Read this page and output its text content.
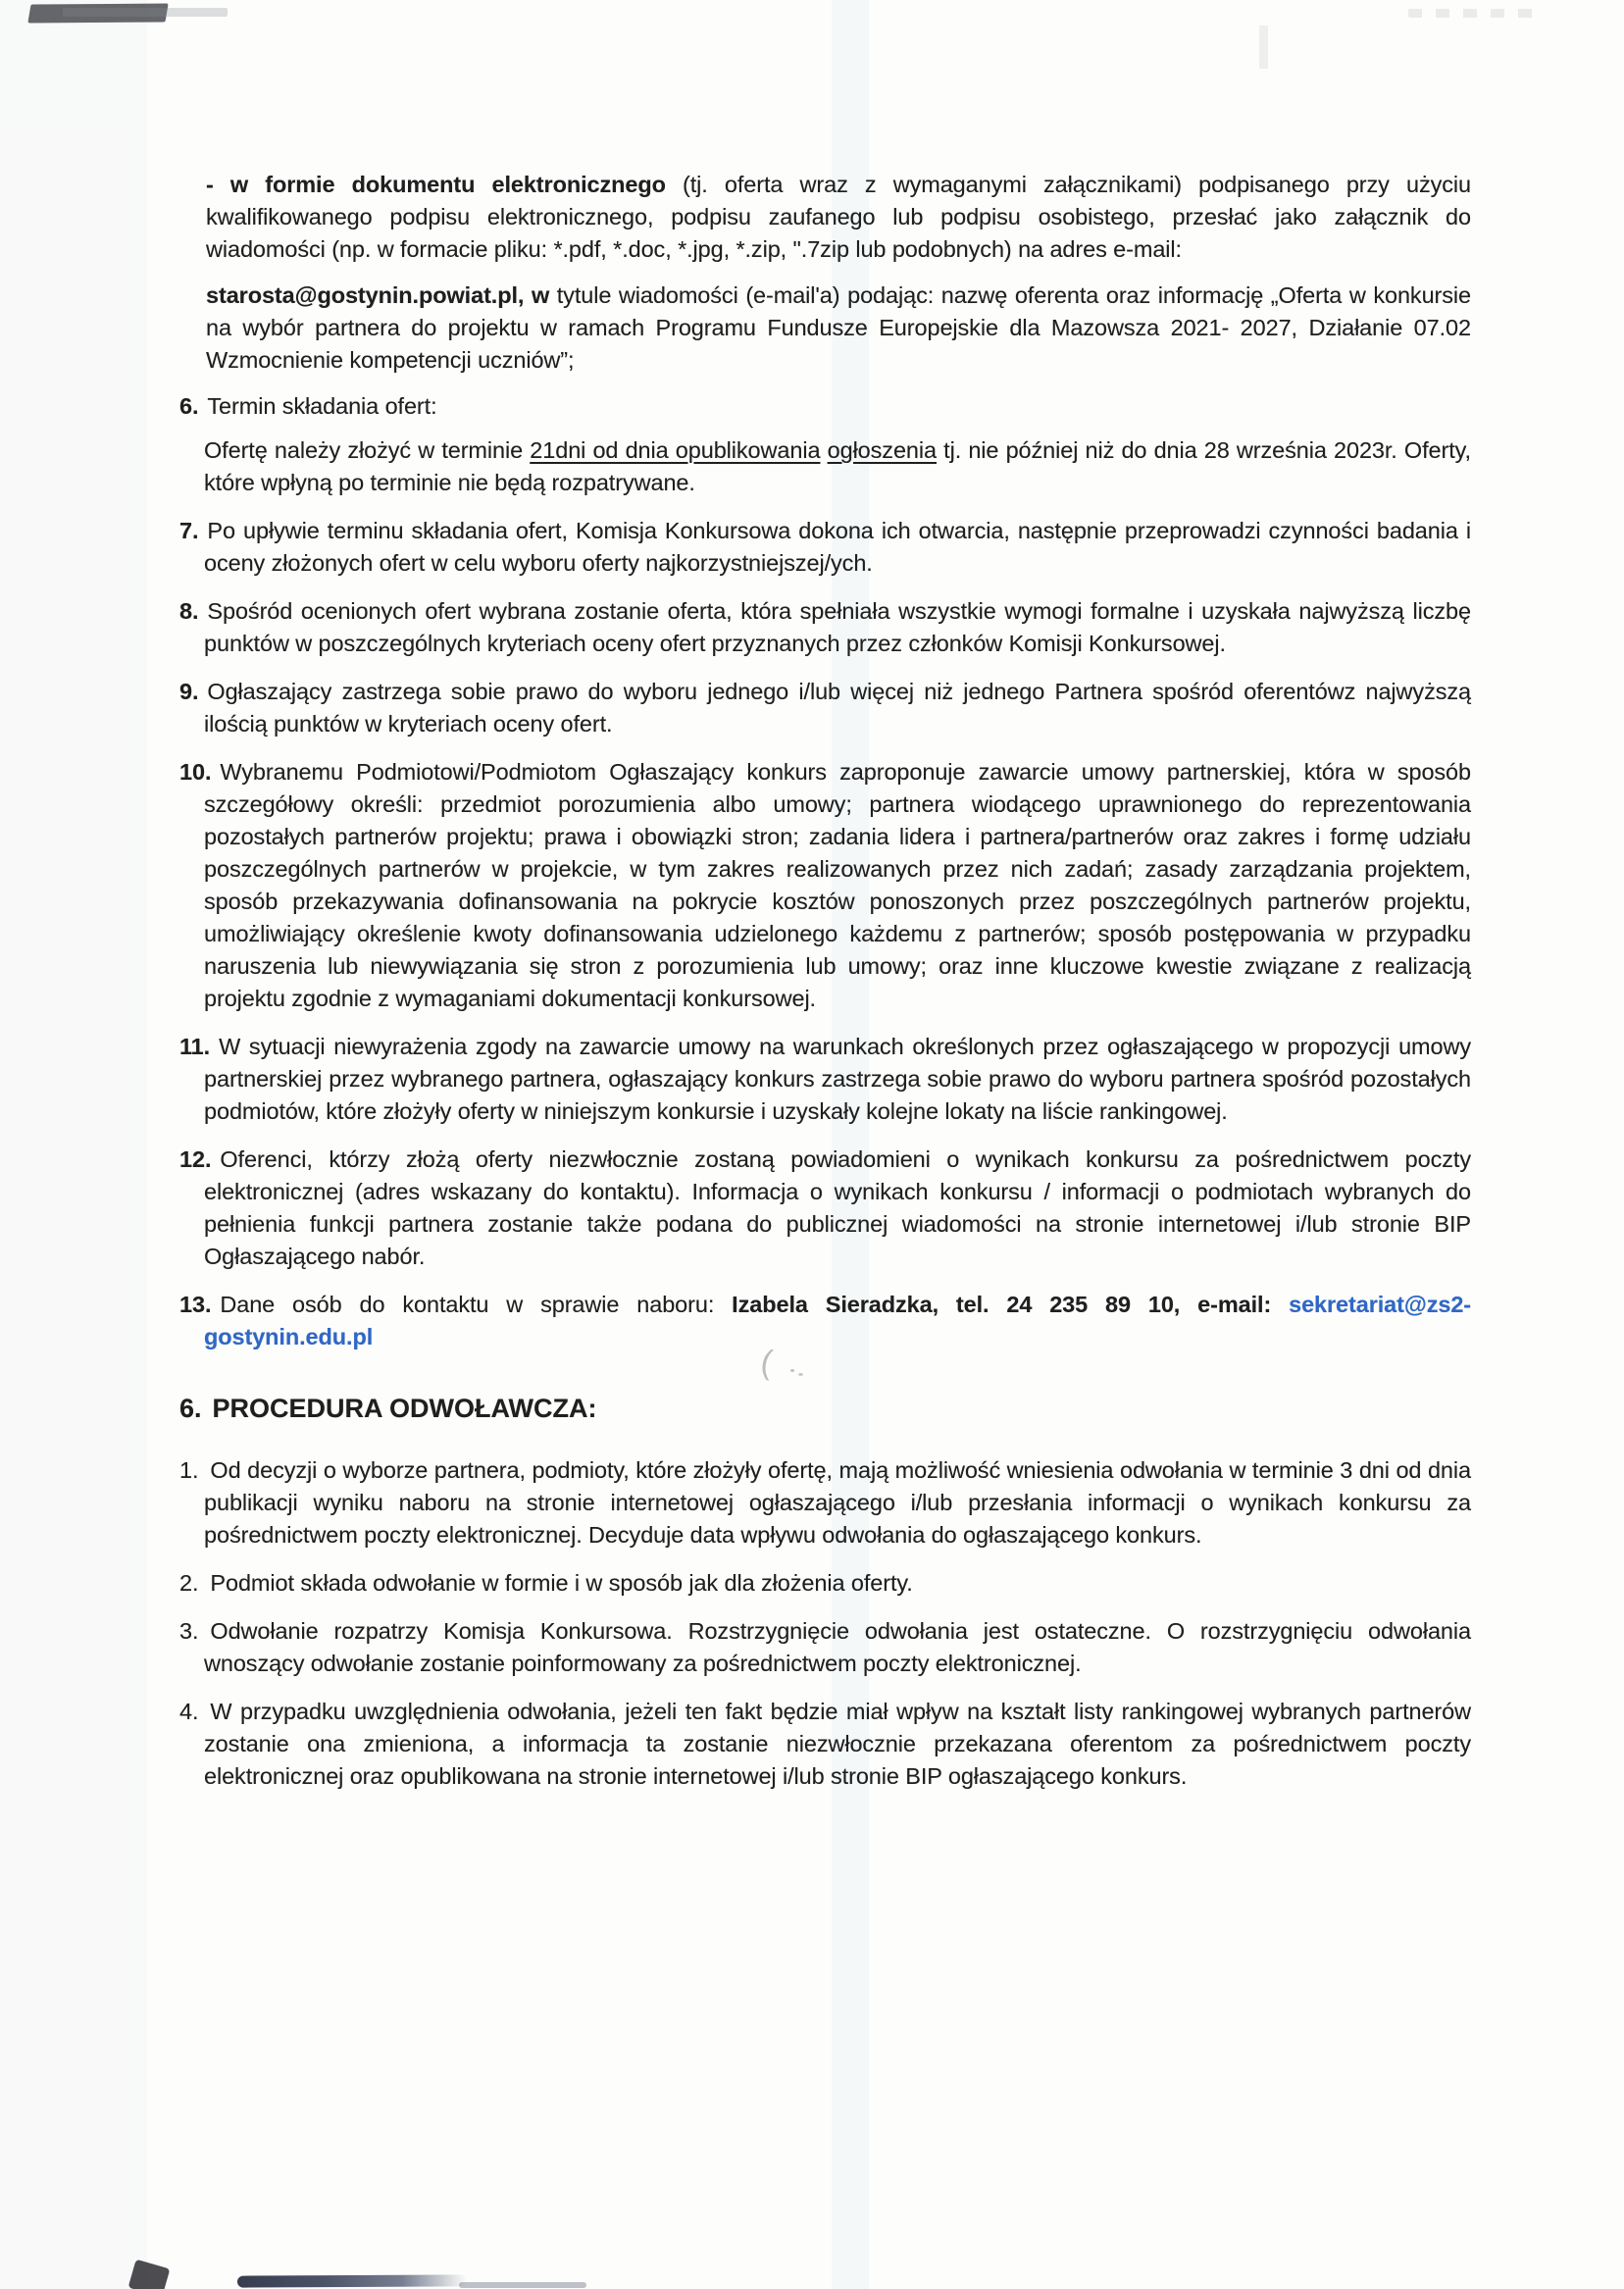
(

- w formie dokumentu elektronicznego (tj. oferta wraz z wymaganymi załącznikami) podpisanego przy użyciu kwalifikowanego podpisu elektronicznego, podpisu zaufanego lub podpisu osobistego, przesłać jako załącznik do wiadomości (np. w formacie pliku: *.pdf, *.doc, *.jpg, *.zip, ".7zip lub podobnych) na adres e-mail:

starosta@gostynin.powiat.pl, w tytule wiadomości (e-mail'a) podając: nazwę oferenta oraz informację „Oferta w konkursie na wybór partnera do projektu w ramach Programu Fundusze Europejskie dla Mazowsza 2021- 2027, Działanie 07.02 Wzmocnienie kompetencji uczniów”;

6. Termin składania ofert:

Ofertę należy złożyć w terminie 21dni od dnia opublikowania ogłoszenia tj. nie później niż do dnia 28 września 2023r. Oferty, które wpłyną po terminie nie będą rozpatrywane.

7. Po upływie terminu składania ofert, Komisja Konkursowa dokona ich otwarcia, następnie przeprowadzi czynności badania i oceny złożonych ofert w celu wyboru oferty najkorzystniejszej/ych.
8. Spośród ocenionych ofert wybrana zostanie oferta, która spełniała wszystkie wymogi formalne i uzyskała najwyższą liczbę punktów w poszczególnych kryteriach oceny ofert przyznanych przez członków Komisji Konkursowej.
9. Ogłaszający zastrzega sobie prawo do wyboru jednego i/lub więcej niż jednego Partnera spośród oferentówz najwyższą ilością punktów w kryteriach oceny ofert.
10. Wybranemu Podmiotowi/Podmiotom Ogłaszający konkurs zaproponuje zawarcie umowy partnerskiej, która w sposób szczegółowy określi: przedmiot porozumienia albo umowy; partnera wiodącego uprawnionego do reprezentowania pozostałych partnerów projektu; prawa i obowiązki stron; zadania lidera i partnera/partnerów oraz zakres i formę udziału poszczególnych partnerów w projekcie, w tym zakres realizowanych przez nich zadań; zasady zarządzania projektem, sposób przekazywania dofinansowania na pokrycie kosztów ponoszonych przez poszczególnych partnerów projektu, umożliwiający określenie kwoty dofinansowania udzielonego każdemu z partnerów; sposób postępowania w przypadku naruszenia lub niewywiązania się stron z porozumienia lub umowy; oraz inne kluczowe kwestie związane z realizacją projektu zgodnie z wymaganiami dokumentacji konkursowej.
11. W sytuacji niewyrażenia zgody na zawarcie umowy na warunkach określonych przez ogłaszającego w propozycji umowy partnerskiej przez wybranego partnera, ogłaszający konkurs zastrzega sobie prawo do wyboru partnera spośród pozostałych podmiotów, które złożyły oferty w niniejszym konkursie i uzyskały kolejne lokaty na liście rankingowej.
12. Oferenci, którzy złożą oferty niezwłocznie zostaną powiadomieni o wynikach konkursu za pośrednictwem poczty elektronicznej (adres wskazany do kontaktu). Informacja o wynikach konkursu / informacji o podmiotach wybranych do pełnienia funkcji partnera zostanie także podana do publicznej wiadomości na stronie internetowej i/lub stronie BIP Ogłaszającego nabór.
13. Dane osób do kontaktu w sprawie naboru: Izabela Sieradzka, tel. 24 235 89 10, e-mail: sekretariat@zs2-gostynin.edu.pl
6. PROCEDURA ODWOŁAWCZA:
1. Od decyzji o wyborze partnera, podmioty, które złożyły ofertę, mają możliwość wniesienia odwołania w terminie 3 dni od dnia publikacji wyniku naboru na stronie internetowej ogłaszającego i/lub przesłania informacji o wynikach konkursu za pośrednictwem poczty elektronicznej. Decyduje data wpływu odwołania do ogłaszającego konkurs.
2. Podmiot składa odwołanie w formie i w sposób jak dla złożenia oferty.
3. Odwołanie rozpatrzy Komisja Konkursowa. Rozstrzygnięcie odwołania jest ostateczne. O rozstrzygnięciu odwołania wnoszący odwołanie zostanie poinformowany za pośrednictwem poczty elektronicznej.
4. W przypadku uwzględnienia odwołania, jeżeli ten fakt będzie miał wpływ na kształt listy rankingowej wybranych partnerów zostanie ona zmieniona, a informacja ta zostanie niezwłocznie przekazana oferentom za pośrednictwem poczty elektronicznej oraz opublikowana na stronie internetowej i/lub stronie BIP ogłaszającego konkurs.
